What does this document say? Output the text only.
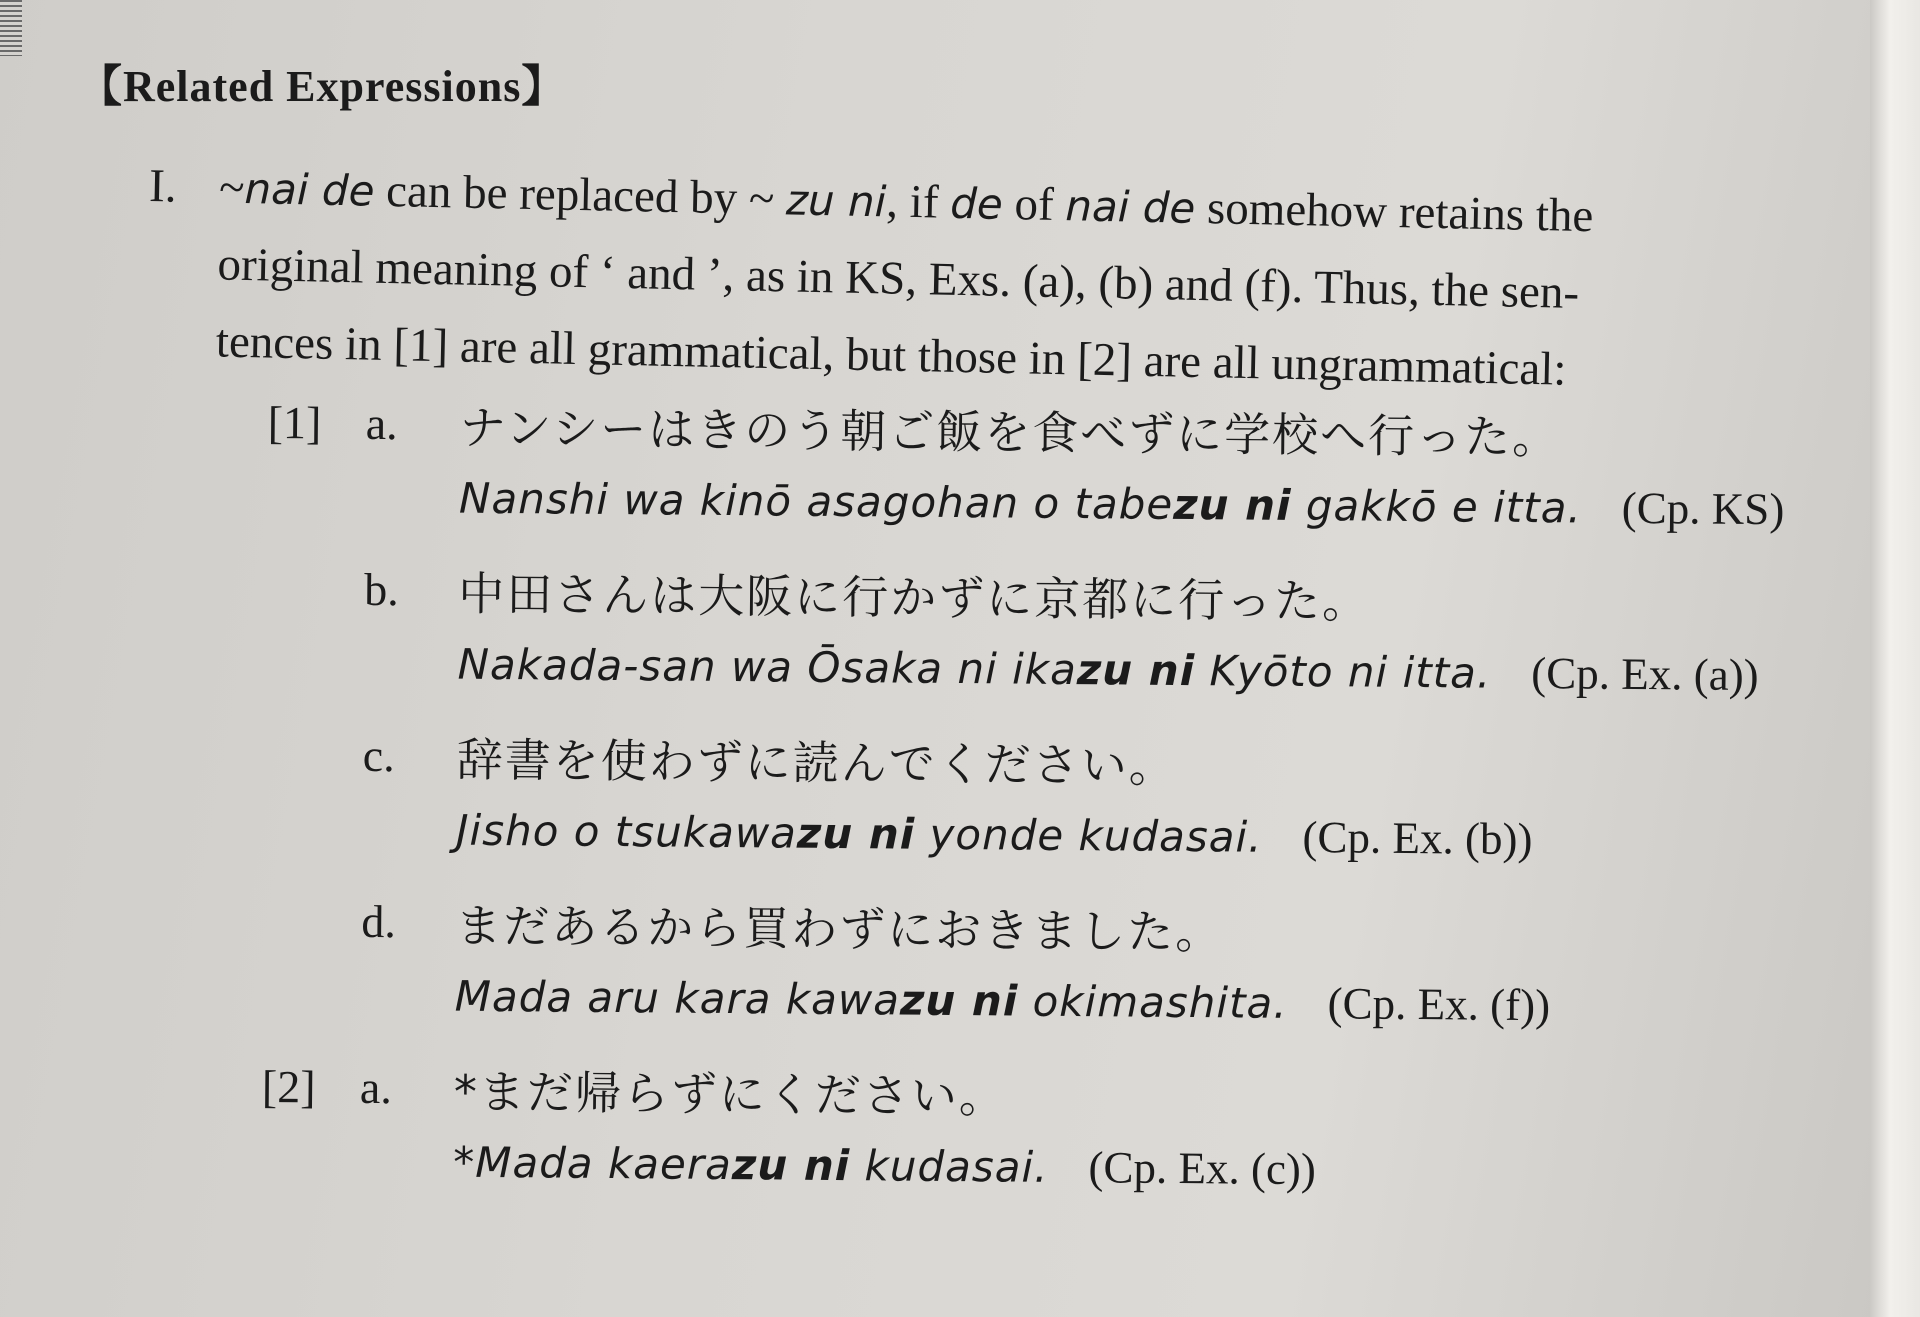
【Related Expressions】
I. ~nai de can be replaced by ~ zu ni, if de of nai de somehow retains the
original meaning of ‘ and ’, as in KS, Exs. (a), (b) and (f). Thus, the sen-
tences in [1] are all grammatical, but those in [2] are all ungrammatical:
[1] a. ナンシーはきのう朝ご飯を食べずに学校へ行った。
Nanshi wa kinō asagohan o tabezu ni gakkō e itta. (Cp. KS)
b. 中田さんは大阪に行かずに京都に行った。
Nakada-san wa Ōsaka ni ikazu ni Kyōto ni itta. (Cp. Ex. (a))
c. 辞書を使わずに読んでください。
Jisho o tsukawazu ni yonde kudasai. (Cp. Ex. (b))
d. まだあるから買わずにおきました。
Mada aru kara kawazu ni okimashita. (Cp. Ex. (f))
[2] a. *まだ帰らずにください。
*Mada kaerazu ni kudasai. (Cp. Ex. (c))
